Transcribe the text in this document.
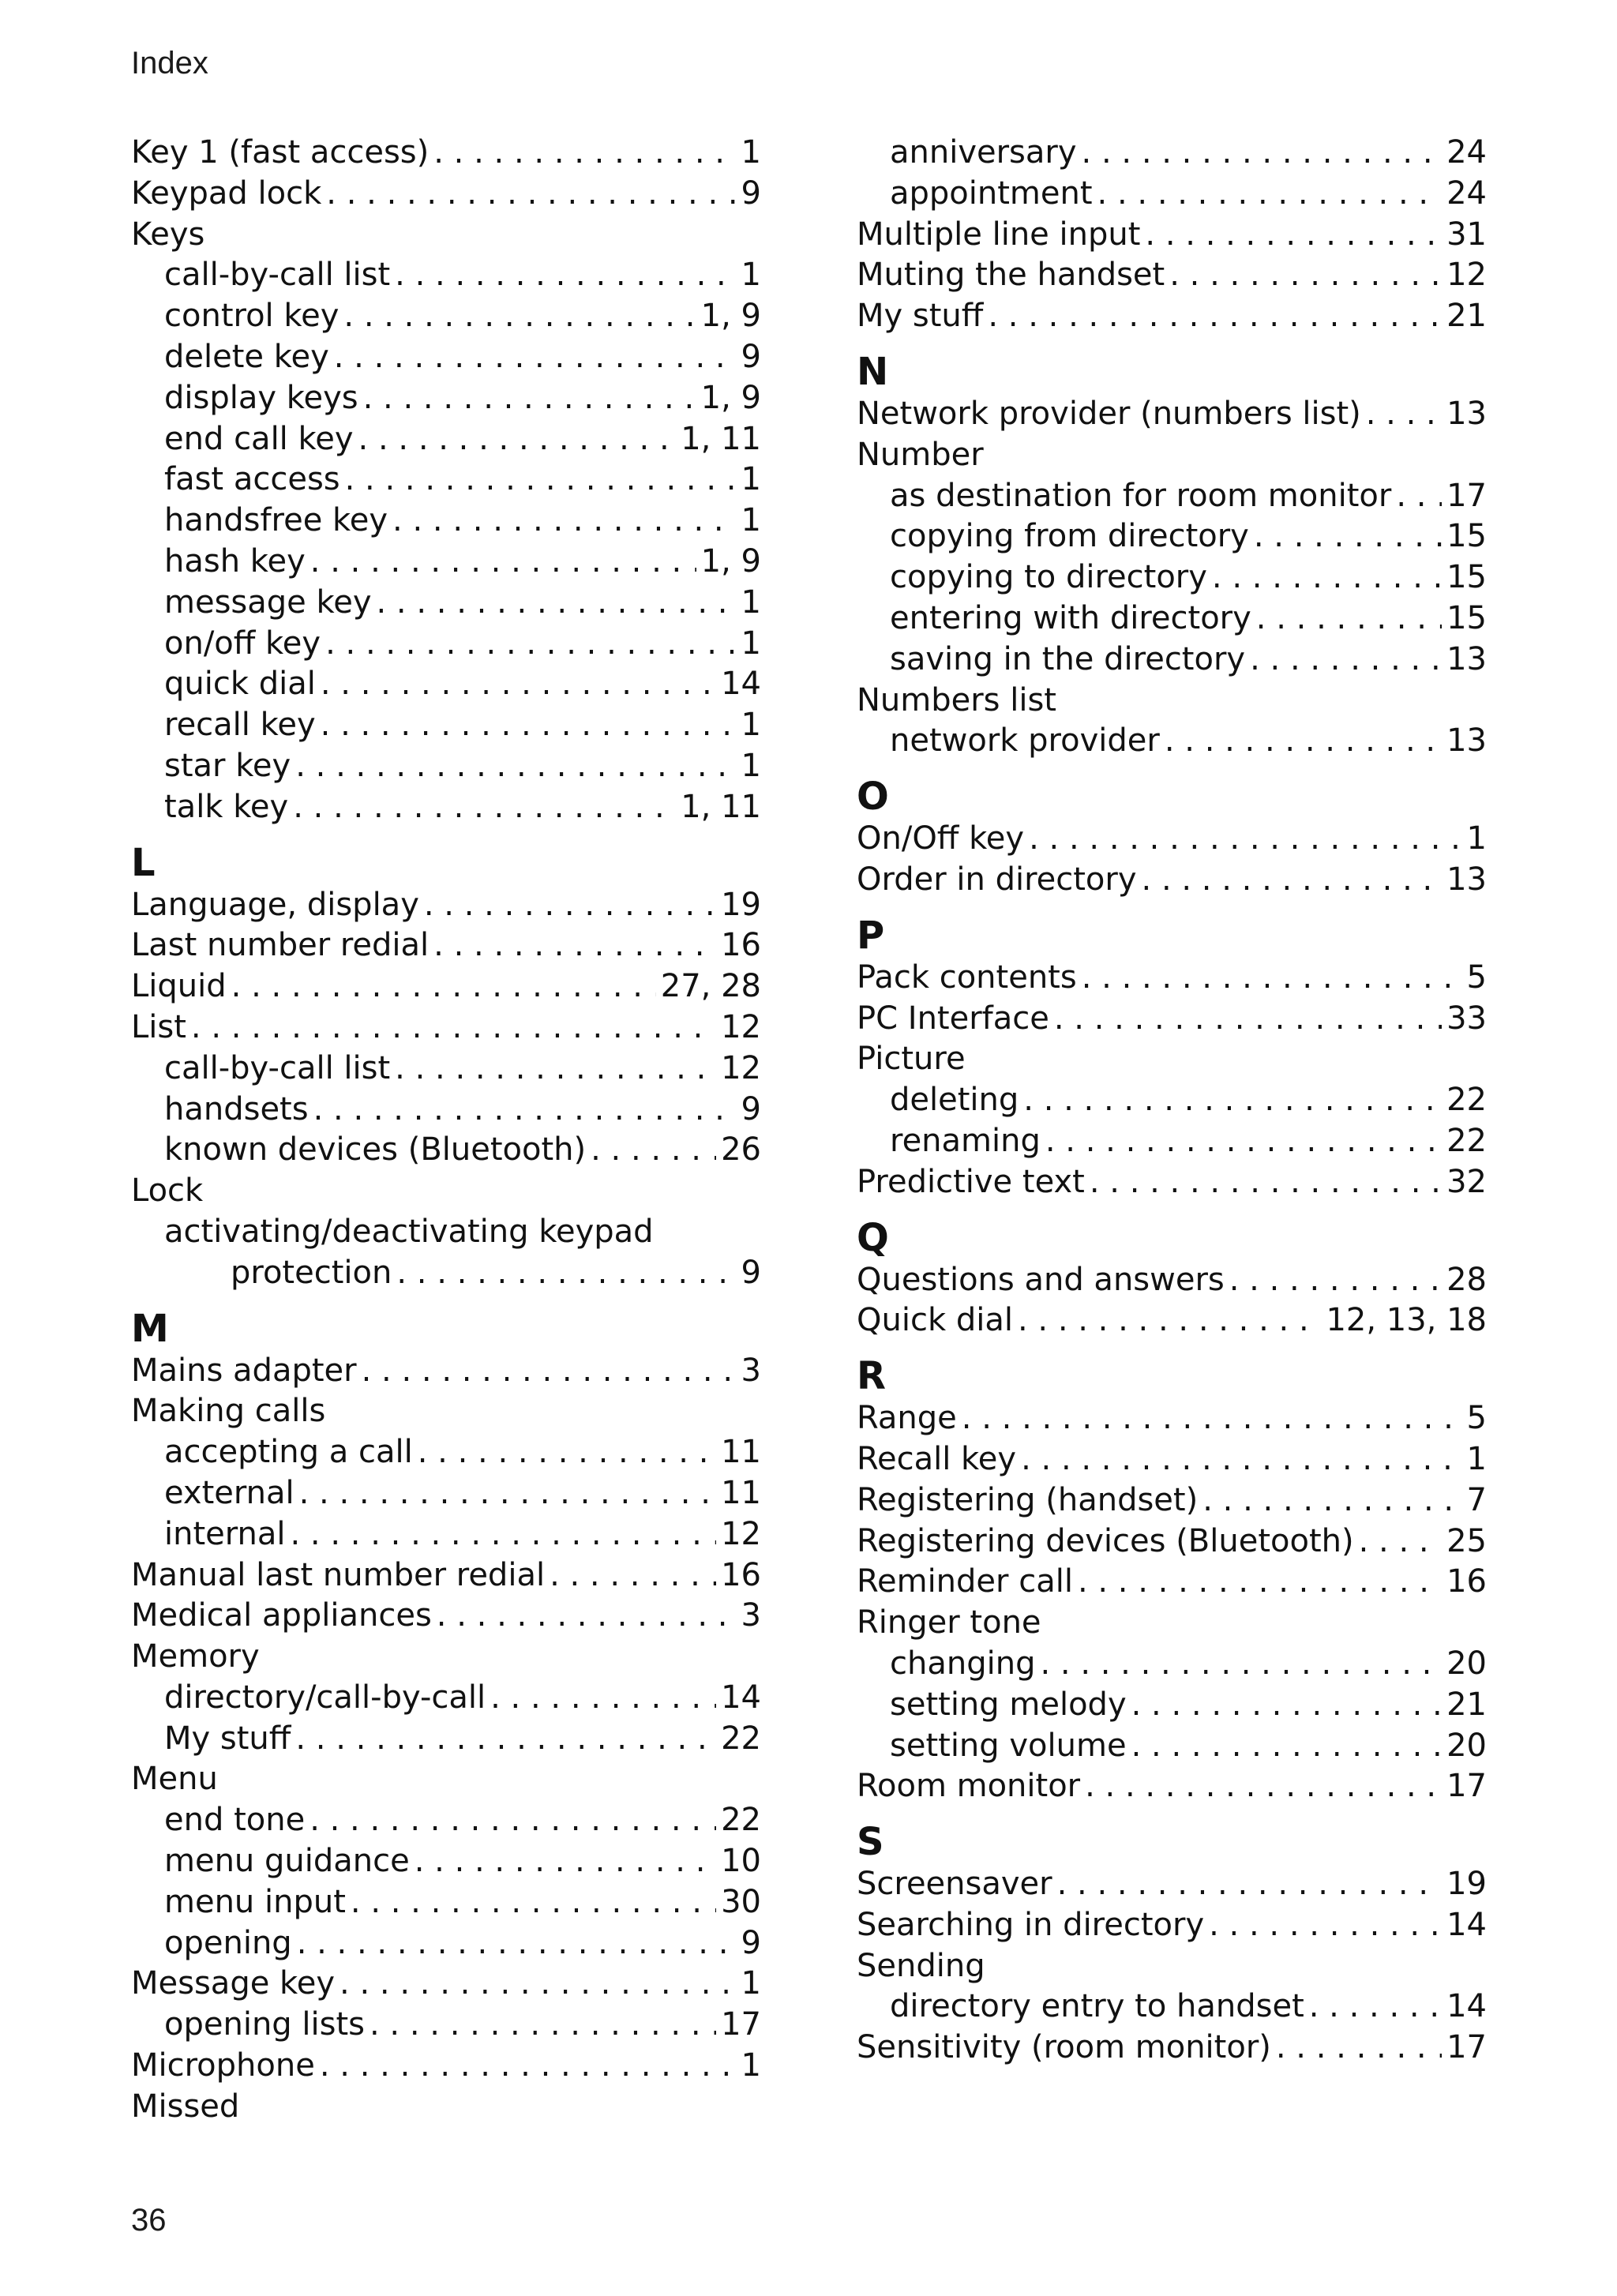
Index
Key 1 (fast access) . . .	1
Keypad lock . . .	9
Keys
call-by-call list . . .	1
control key . . .	1, 9
delete key . . .	9
display keys . . .	1, 9
end call key . . .	1, 11
fast access . . .	1
handsfree key . . .	1
hash key . . .	1, 9
message key . . .	1
on/off key . . .	1
quick dial . . .	14
recall key . . .	1
star key . . .	1
talk key . . .	1, 11
L
Language, display . . .	19
Last number redial . . .	16
Liquid . . .	27, 28
List . . .	12
call-by-call list . . .	12
handsets . . .	9
known devices (Bluetooth) . . .	26
Lock
activating/deactivating keypad
protection . . .	9
M
Mains adapter . . .	3
Making calls
accepting a call . . .	11
external . . .	11
internal . . .	12
Manual last number redial . . .	16
Medical appliances . . .	3
Memory
directory/call-by-call . . .	14
My stuff . . .	22
Menu
end tone . . .	22
menu guidance . . .	10
menu input . . .	30
opening . . .	9
Message key . . .	1
opening lists . . .	17
Microphone . . .	1
Missed
anniversary . . .	24
appointment . . .	24
Multiple line input . . .	31
Muting the handset . . .	12
My stuff . . .	21
N
Network provider (numbers list) . . .	13
Number
as destination for room monitor . . . 17
copying from directory . . .	15
copying to directory . . .	15
entering with directory . . .	15
saving in the directory . . .	13
Numbers list
network provider . . .	13
O
On/Off key . . .	1
Order in directory . . .	13
P
Pack contents . . .	5
PC Interface . . .	33
Picture
deleting . . .	22
renaming . . .	22
Predictive text . . .	32
Q
Questions and answers . . .	28
Quick dial . . .	12, 13, 18
R
Range . . .	5
Recall key . . .	1
Registering (handset) . . .	7
Registering devices (Bluetooth) . . .	25
Reminder call . . .	16
Ringer tone
changing . . .	20
setting melody . . .	21
setting volume . . .	20
Room monitor . . .	17
S
Screensaver . . .	19
Searching in directory . . .	14
Sending
directory entry to handset . . .	14
Sensitivity (room monitor) . . .	17
36
